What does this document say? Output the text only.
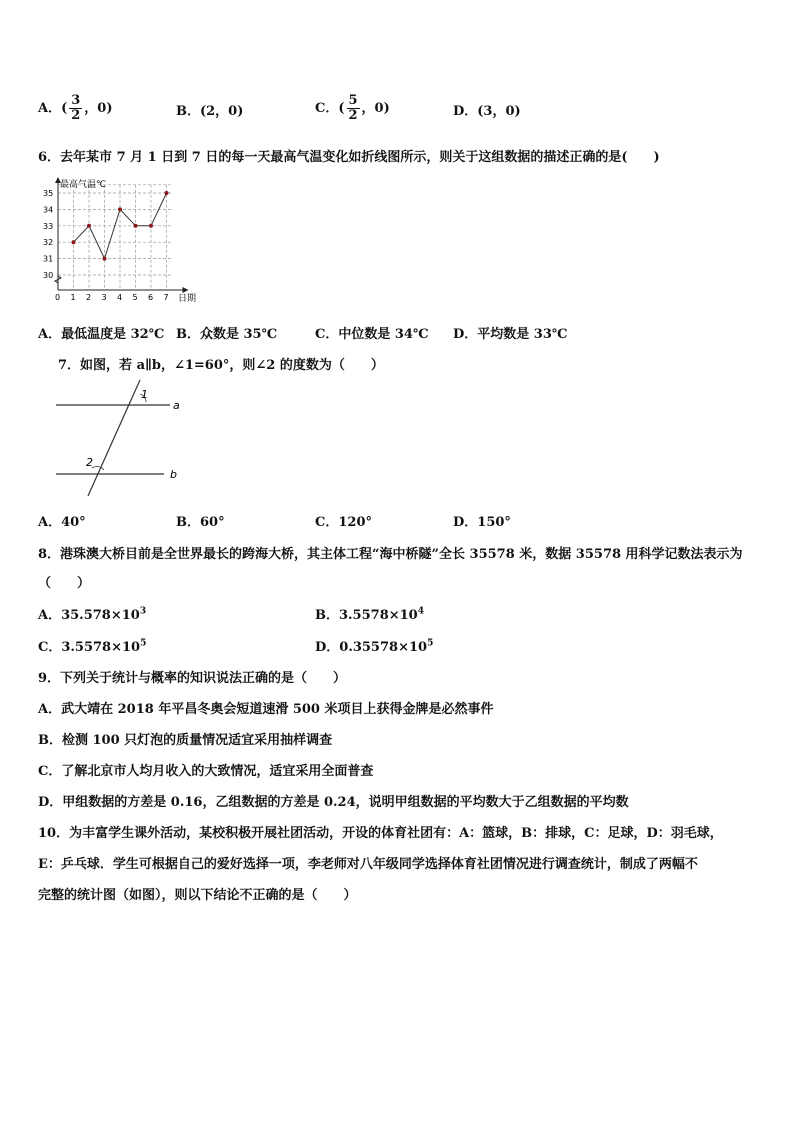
A．( $\frac{3}{2}$ ，0)	B．(2，0)	C．( $\frac{5}{2}$ ，0)	D．(3，0)
6．去年某市 7 月 1 日到 7 日的每一天最高气温变化如折线图所示，则关于这组数据的描述正确的是(　　)
最高气温℃
日期
0 1 2 3 4 5 6 7
30
31
32
33
34
35
A．最低温度是 32℃ B．众数是 35℃	C．中位数是 34℃ D．平均数是 33℃
7．如图，若 a∥b，∠1=60°，则∠2 的度数为（　　）
1
2
a
b
A．40°	B．60°	C．120°	D．150°
8．港珠澳大桥目前是全世界最长的跨海大桥，其主体工程“海中桥隧”全长 35578 米，数据 35578 用科学记数法表示为
（　　）
A．$35.578\times 10^3$	B．$3.5578\times 10^4$
C．$3.5578\times 10^5$	D．$0.35578\times 10^5$
9．下列关于统计与概率的知识说法正确的是（　　）
A．武大靖在 2018 年平昌冬奥会短道速滑 500 米项目上获得金牌是必然事件
B．检测 100 只灯泡的质量情况适宜采用抽样调查
C．了解北京市人均月收入的大致情况，适宜采用全面普查
D．甲组数据的方差是 0.16，乙组数据的方差是 0.24，说明甲组数据的平均数大于乙组数据的平均数
10．为丰富学生课外活动，某校积极开展社团活动，开设的体育社团有：A：篮球，B：排球，C：足球，D：羽毛球，
E：乒乓球．学生可根据自己的爱好选择一项，李老师对八年级同学选择体育社团情况进行调查统计，制成了两幅不
完整的统计图（如图），则以下结论不正确的是（　　）
